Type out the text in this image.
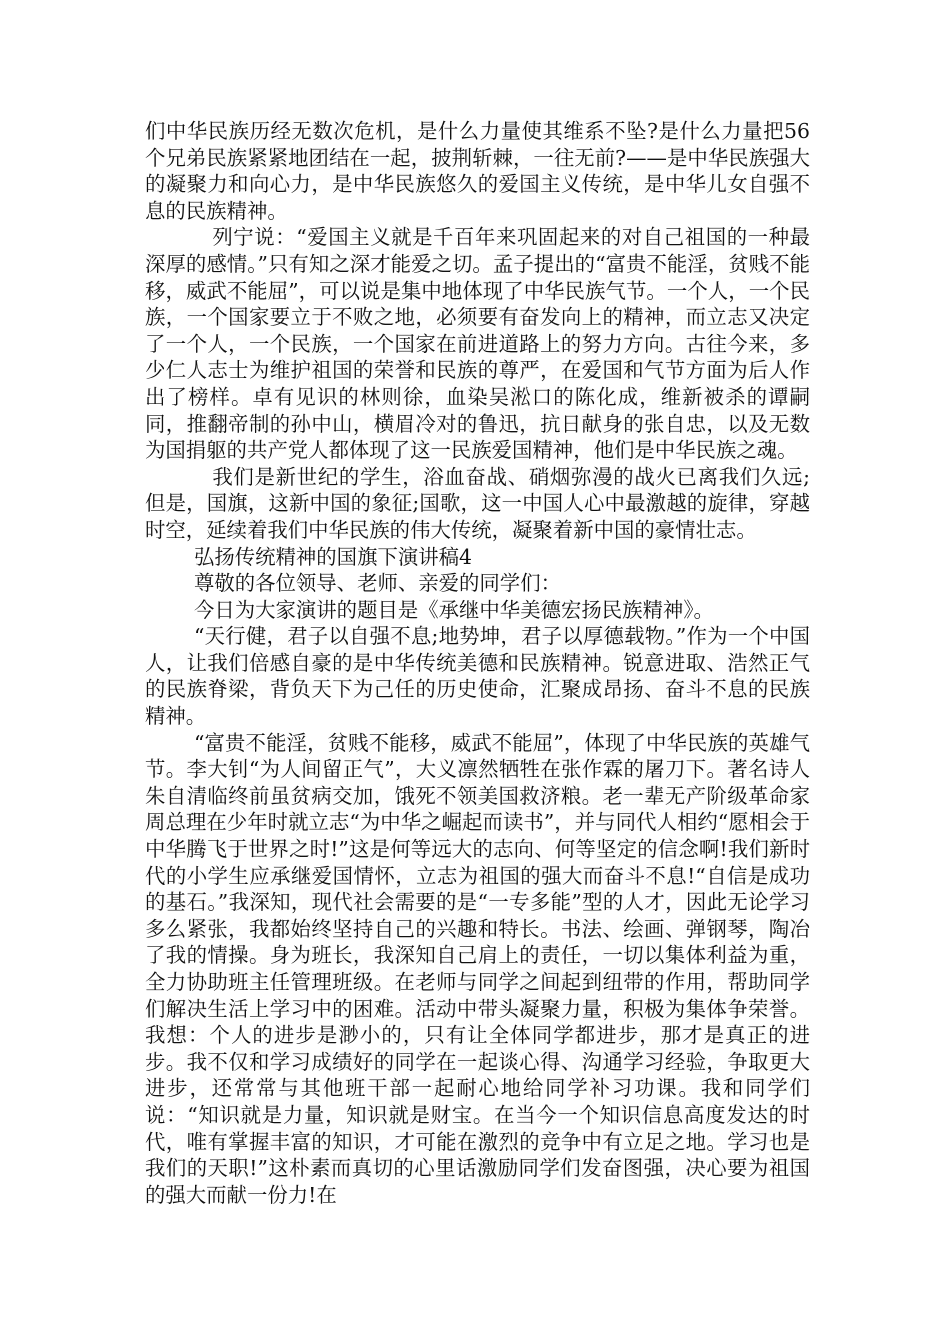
们中华民族历经无数次危机，是什么力量使其维系不坠?是什么力量把56个兄弟民族紧紧地团结在一起，披荆斩棘，一往无前?——是中华民族强大的凝聚力和向心力，是中华民族悠久的爱国主义传统，是中华儿女自强不息的民族精神。

列宁说：“爱国主义就是千百年来巩固起来的对自己祖国的一种最深厚的感情。”只有知之深才能爱之切。孟子提出的“富贵不能淫，贫贱不能移，威武不能屈”，可以说是集中地体现了中华民族气节。一个人，一个民族，一个国家要立于不败之地，必须要有奋发向上的精神，而立志又决定了一个人，一个民族，一个国家在前进道路上的努力方向。古往今来，多少仁人志士为维护祖国的荣誉和民族的尊严，在爱国和气节方面为后人作出了榜样。卓有见识的林则徐，血染吴淞口的陈化成，维新被杀的谭嗣同，推翻帝制的孙中山，横眉冷对的鲁迅，抗日献身的张自忠，以及无数为国捐躯的共产党人都体现了这一民族爱国精神，他们是中华民族之魂。

我们是新世纪的学生，浴血奋战、硝烟弥漫的战火已离我们久远;但是，国旗，这新中国的象征;国歌，这一中国人心中最激越的旋律，穿越时空，延续着我们中华民族的伟大传统，凝聚着新中国的豪情壮志。

弘扬传统精神的国旗下演讲稿4

尊敬的各位领导、老师、亲爱的同学们：

今日为大家演讲的题目是《承继中华美德宏扬民族精神》。

“天行健，君子以自强不息;地势坤，君子以厚德载物。”作为一个中国人，让我们倍感自豪的是中华传统美德和民族精神。锐意进取、浩然正气的民族脊梁，背负天下为己任的历史使命，汇聚成昂扬、奋斗不息的民族精神。

“富贵不能淫，贫贱不能移，威武不能屈”，体现了中华民族的英雄气节。李大钊“为人间留正气”，大义凛然牺牲在张作霖的屠刀下。著名诗人朱自清临终前虽贫病交加，饿死不领美国救济粮。老一辈无产阶级革命家周总理在少年时就立志“为中华之崛起而读书”，并与同代人相约“愿相会于中华腾飞于世界之时!”这是何等远大的志向、何等坚定的信念啊!我们新时代的小学生应承继爱国情怀，立志为祖国的强大而奋斗不息!“自信是成功的基石。”我深知，现代社会需要的是“一专多能”型的人才，因此无论学习多么紧张，我都始终坚持自己的兴趣和特长。书法、绘画、弹钢琴，陶冶了我的情操。身为班长，我深知自己肩上的责任，一切以集体利益为重，全力协助班主任管理班级。在老师与同学之间起到纽带的作用，帮助同学们解决生活上学习中的困难。活动中带头凝聚力量，积极为集体争荣誉。我想：个人的进步是渺小的，只有让全体同学都进步，那才是真正的进步。我不仅和学习成绩好的同学在一起谈心得、沟通学习经验，争取更大进步，还常常与其他班干部一起耐心地给同学补习功课。我和同学们说：“知识就是力量，知识就是财宝。在当今一个知识信息高度发达的时代，唯有掌握丰富的知识，才可能在激烈的竞争中有立足之地。学习也是我们的天职!”这朴素而真切的心里话激励同学们发奋图强，决心要为祖国的强大而献一份力!在
